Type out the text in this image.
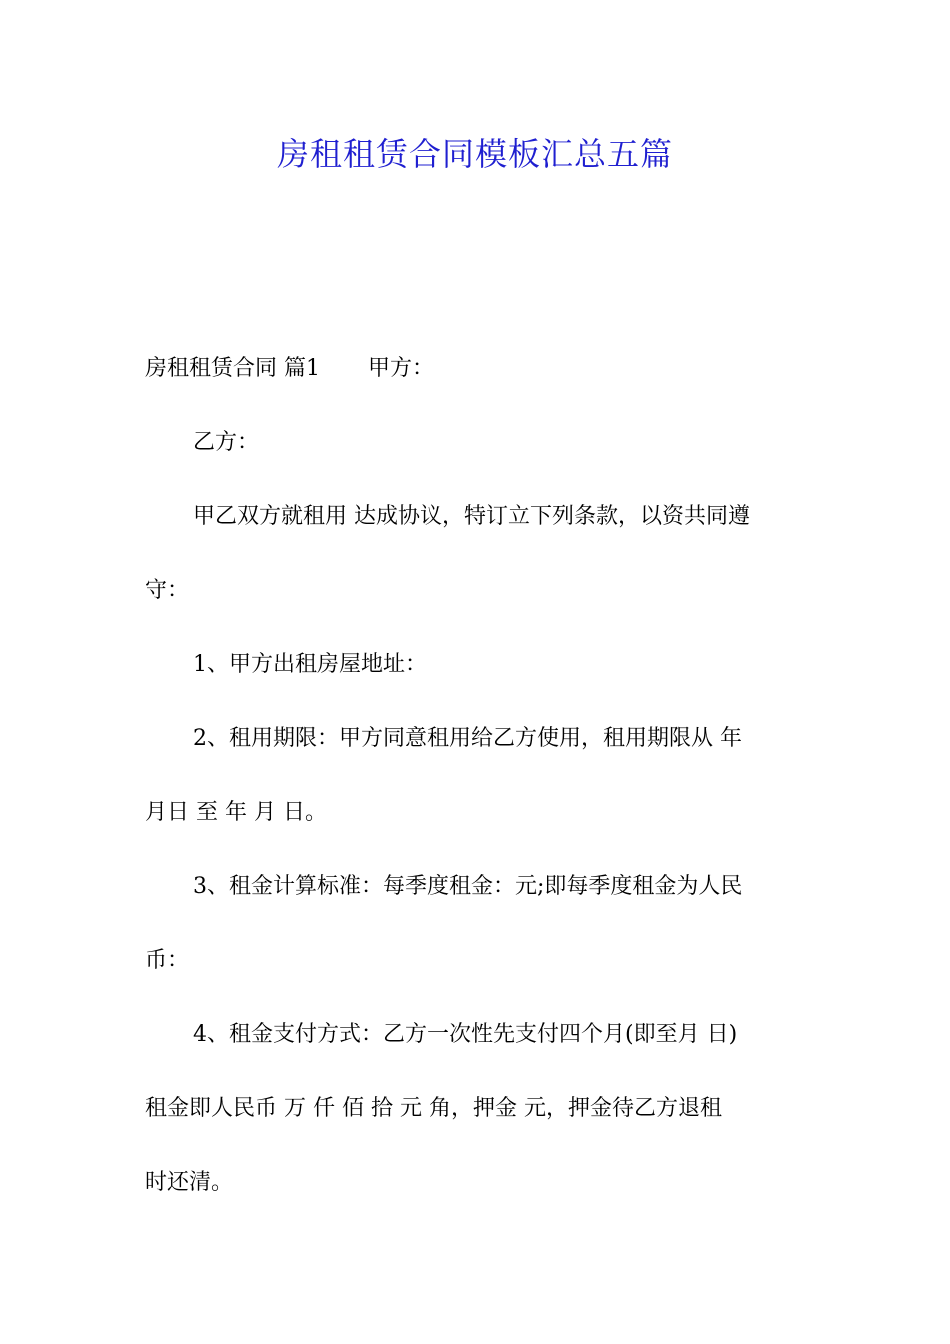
房租租赁合同模板汇总五篇

房租租赁合同 篇1 甲方：

乙方：

甲乙双方就租用 达成协议，特订立下列条款，以资共同遵

守：

1、甲方出租房屋地址：

2、租用期限：甲方同意租用给乙方使用，租用期限从 年

月日 至 年 月 日。

3、租金计算标准：每季度租金：元;即每季度租金为人民

币：

4、租金支付方式：乙方一次性先支付四个月(即至月 日)

租金即人民币 万 仟 佰 拾 元 角，押金 元，押金待乙方退租

时还清。
